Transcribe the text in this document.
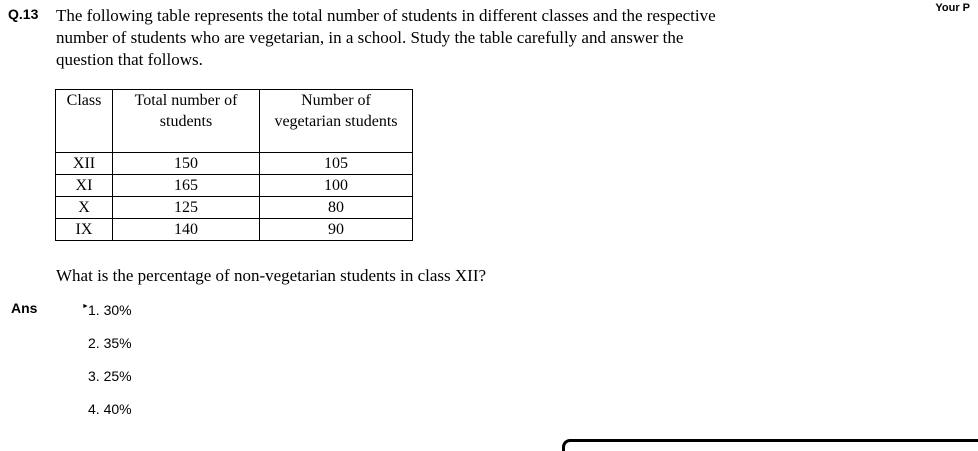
Q.13	Your P
The following table represents the total number of students in different classes and the respective number of students who are vegetarian, in a school. Study the table carefully and answer the question that follows.
Class	Total number of students	Number of vegetarian students
XII	150	105
XI	165	100
X	125	80
IX	140	90
What is the percentage of non-vegetarian students in class XII?
Ans	► 1. 30%
2. 35%
3. 25%
4. 40%
